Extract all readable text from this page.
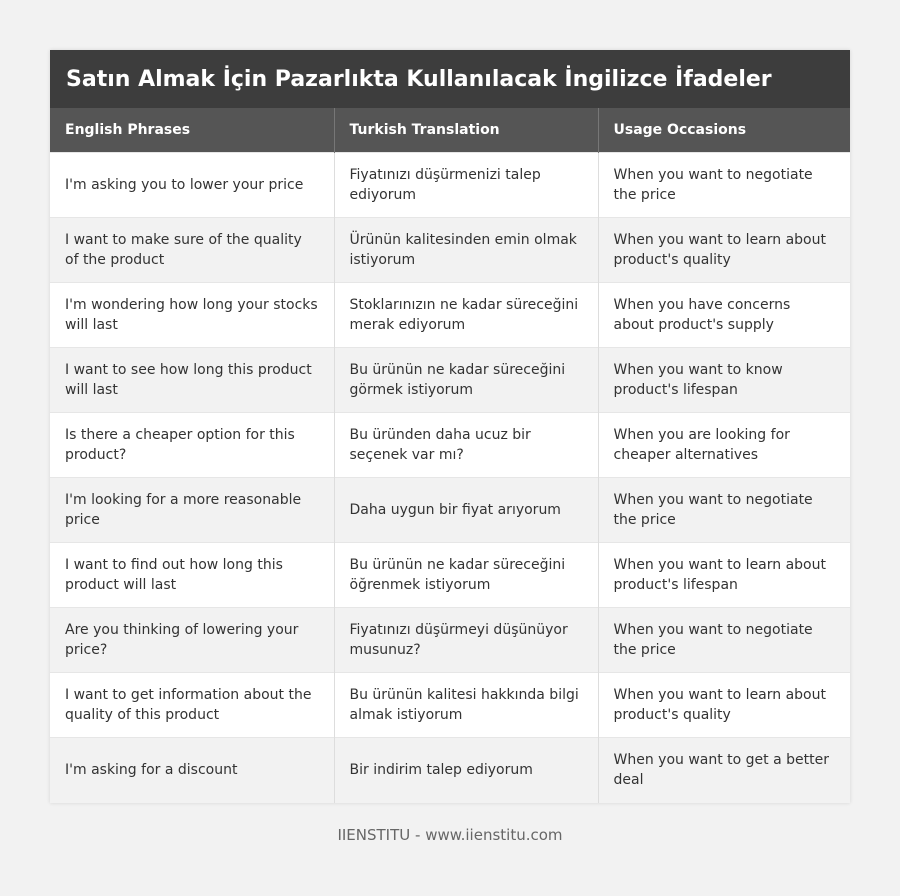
Satın Almak İçin Pazarlıkta Kullanılacak İngilizce İfadeler
English Phrases	Turkish Translation	Usage Occasions
I'm asking you to lower your price	Fiyatınızı düşürmenizi talep ediyorum	When you want to negotiate the price
I want to make sure of the quality of the product	Ürünün kalitesinden emin olmak istiyorum	When you want to learn about product's quality
I'm wondering how long your stocks will last	Stoklarınızın ne kadar süreceğini merak ediyorum	When you have concerns about product's supply
I want to see how long this product will last	Bu ürünün ne kadar süreceğini görmek istiyorum	When you want to know product's lifespan
Is there a cheaper option for this product?	Bu üründen daha ucuz bir seçenek var mı?	When you are looking for cheaper alternatives
I'm looking for a more reasonable price	Daha uygun bir fiyat arıyorum	When you want to negotiate the price
I want to find out how long this product will last	Bu ürünün ne kadar süreceğini öğrenmek istiyorum	When you want to learn about product's lifespan
Are you thinking of lowering your price?	Fiyatınızı düşürmeyi düşünüyor musunuz?	When you want to negotiate the price
I want to get information about the quality of this product	Bu ürünün kalitesi hakkında bilgi almak istiyorum	When you want to learn about product's quality
I'm asking for a discount	Bir indirim talep ediyorum	When you want to get a better deal
IIENSTITU - www.iienstitu.com
